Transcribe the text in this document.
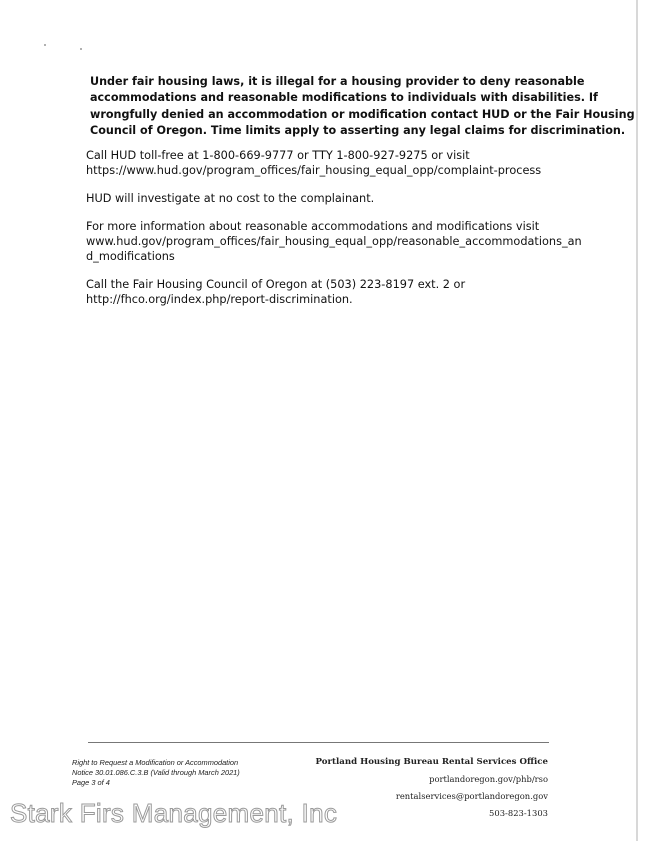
Under fair housing laws, it is illegal for a housing provider to deny reasonable
accommodations and reasonable modifications to individuals with disabilities. If
wrongfully denied an accommodation or modification contact HUD or the Fair Housing
Council of Oregon. Time limits apply to asserting any legal claims for discrimination.

Call HUD toll-free at 1-800-669-9777 or TTY 1-800-927-9275 or visit
https://www.hud.gov/program_offices/fair_housing_equal_opp/complaint-process

HUD will investigate at no cost to the complainant.

For more information about reasonable accommodations and modifications visit
www.hud.gov/program_offices/fair_housing_equal_opp/reasonable_accommodations_an
d_modifications

Call the Fair Housing Council of Oregon at (503) 223-8197 ext. 2 or
http://fhco.org/index.php/report-discrimination.

Right to Request a Modification or Accommodation
Notice 30.01.086.C.3.B (Valid through March 2021)
Page 3 of 4
Portland Housing Bureau Rental Services Office
portlandoregon.gov/phb/rso
rentalservices@portlandoregon.gov
503-823-1303
Stark Firs Management, Inc
